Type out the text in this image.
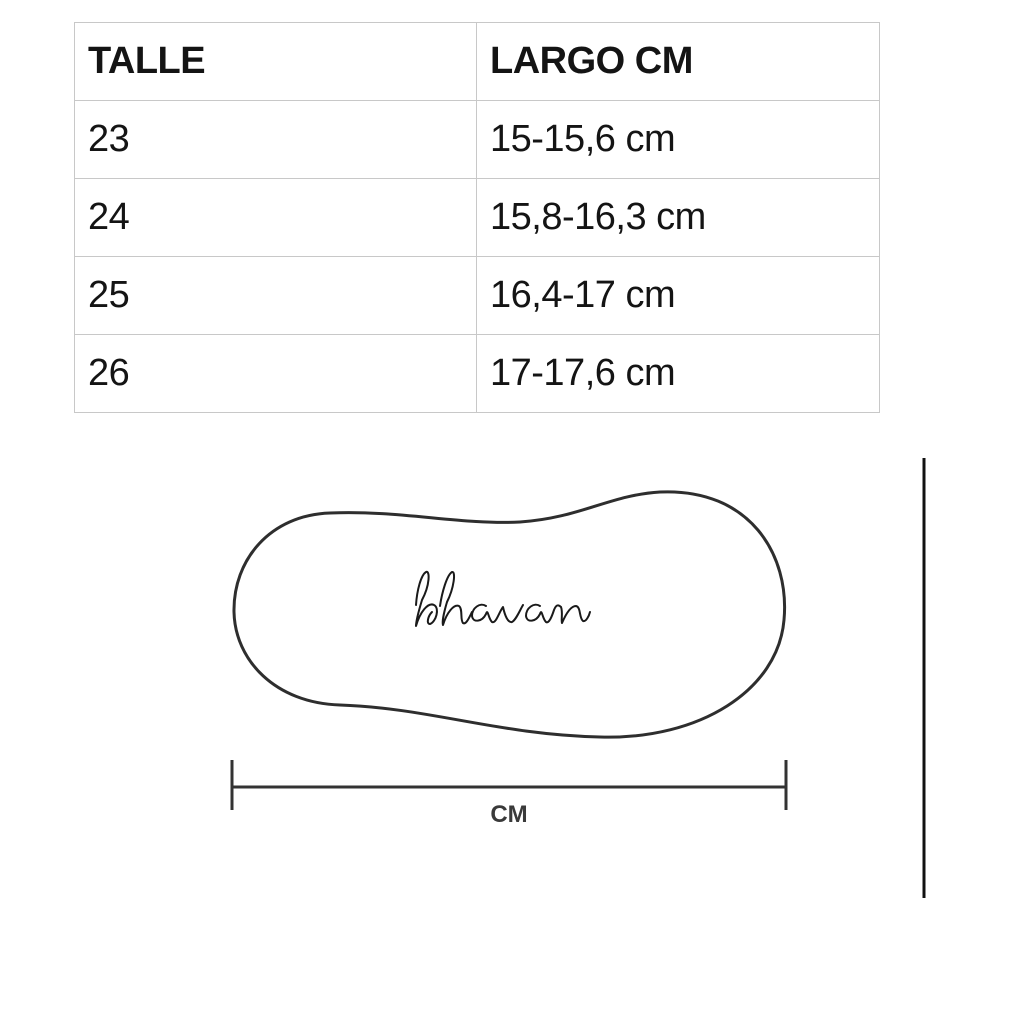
TALLE	LARGO CM
23	15-15,6 cm
24	15,8-16,3 cm
25	16,4-17 cm
26	17-17,6 cm
CM
